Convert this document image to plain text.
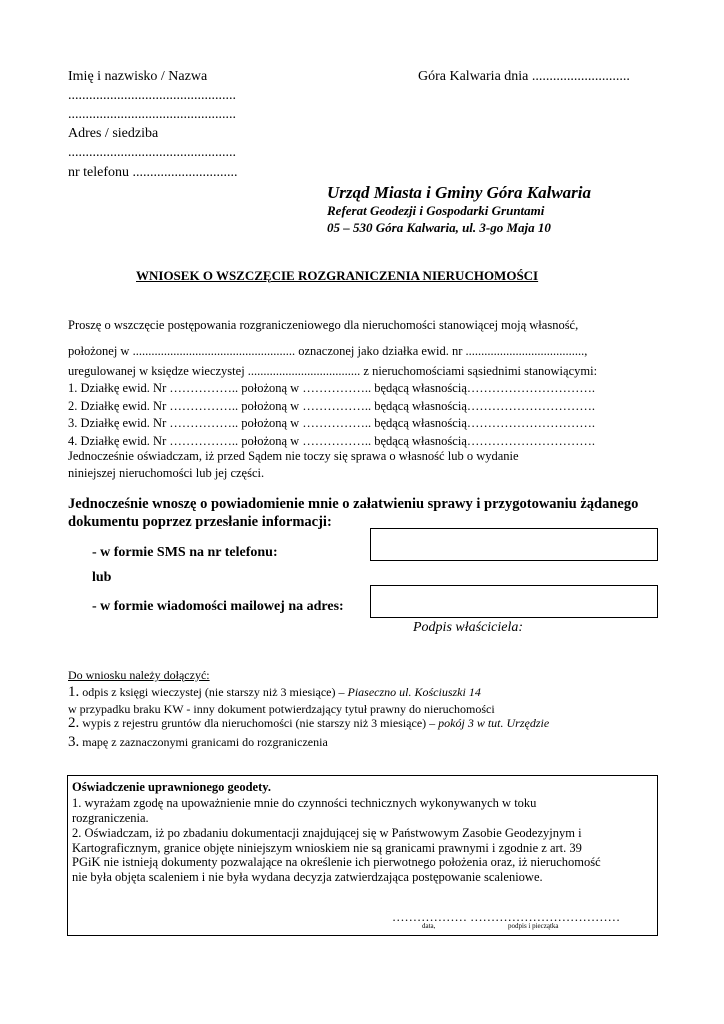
Imię i nazwisko / Nazwa
................................................
................................................
Adres / siedziba
................................................
nr telefonu ..............................
Góra Kalwaria dnia ............................
Urząd Miasta i Gminy Góra Kalwaria
Referat Geodezji i Gospodarki Gruntami
05 – 530 Góra Kalwaria, ul. 3-go Maja 10
WNIOSEK O WSZCZĘCIE ROZGRANICZENIA NIERUCHOMOŚCI
Proszę o wszczęcie postępowania rozgraniczeniowego dla nieruchomości stanowiącej moją własność,
położonej w .................................................... oznaczonej jako działka ewid. nr ......................................,
uregulowanej w księdze wieczystej .................................... z nieruchomościami sąsiednimi stanowiącymi:
1. Działkę ewid. Nr …………….. położoną w …………….. będącą własnością………………………….
2. Działkę ewid. Nr …………….. położoną w …………….. będącą własnością………………………….
3. Działkę ewid. Nr …………….. położoną w …………….. będącą własnością………………………….
4. Działkę ewid. Nr …………….. położoną w …………….. będącą własnością………………………….
Jednocześnie oświadczam, iż przed Sądem nie toczy się sprawa o własność lub o wydanie
niniejszej nieruchomości lub jej części.
Jednocześnie wnoszę o powiadomienie mnie o załatwieniu sprawy i przygotowaniu żądanego
dokumentu poprzez przesłanie informacji:
- w formie SMS na nr telefonu:
lub
- w formie wiadomości mailowej na adres:
Podpis właściciela:
Do wniosku należy dołączyć:
1. odpis z księgi wieczystej (nie starszy niż 3 miesiące) – Piaseczno ul. Kościuszki 14
w przypadku braku KW - inny dokument potwierdzający tytuł prawny do nieruchomości
2. wypis z rejestru gruntów dla nieruchomości (nie starszy niż 3 miesiące) – pokój 3 w tut. Urzędzie
3. mapę z zaznaczonymi granicami do rozgraniczenia
Oświadczenie uprawnionego geodety.
1. wyrażam zgodę na upoważnienie mnie do czynności technicznych wykonywanych w toku
rozgraniczenia.
2. Oświadczam, iż po zbadaniu dokumentacji znajdującej się w Państwowym Zasobie Geodezyjnym i
Kartograficznym, granice objęte niniejszym wnioskiem nie są granicami prawnymi i zgodnie z art. 39
PGiK nie istnieją dokumenty pozwalające na określenie ich pierwotnego położenia oraz, iż nieruchomość
nie była objęta scaleniem i nie była wydana decyzja zatwierdzająca postępowanie scaleniowe.
……………… ………………………………
data,	podpis i pieczątka
